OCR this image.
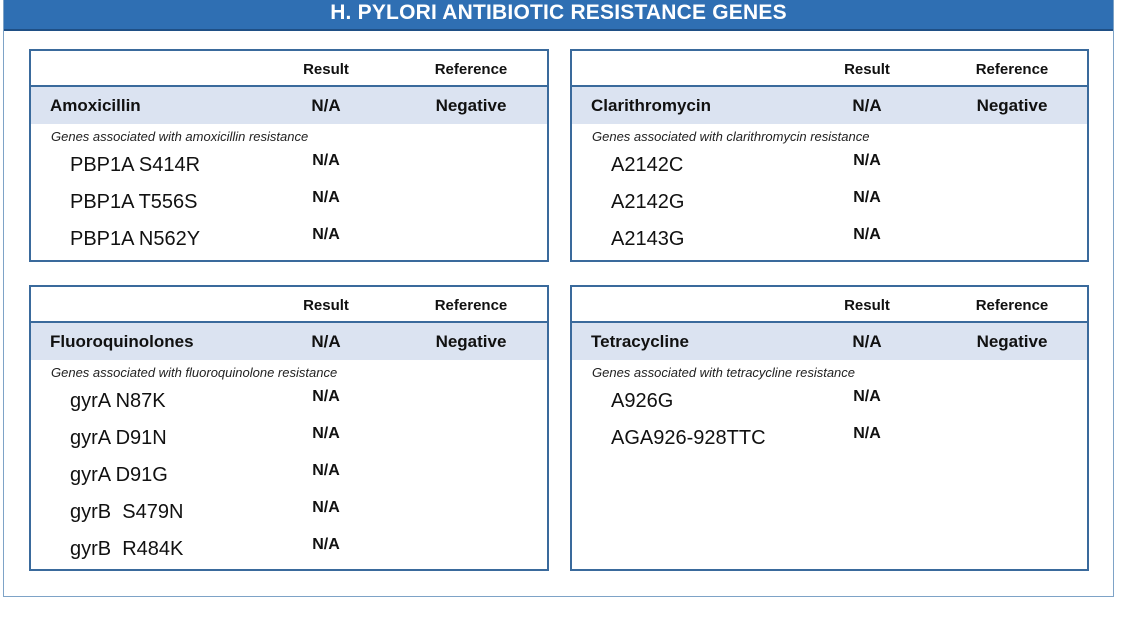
H. PYLORI ANTIBIOTIC RESISTANCE GENES
Result	Reference
Amoxicillin	N/A	Negative
Genes associated with amoxicillin resistance
PBP1A S414R	N/A
PBP1A T556S	N/A
PBP1A N562Y	N/A
Result	Reference
Clarithromycin	N/A	Negative
Genes associated with clarithromycin resistance
A2142C	N/A
A2142G	N/A
A2143G	N/A
Result	Reference
Fluoroquinolones	N/A	Negative
Genes associated with fluoroquinolone resistance
gyrA N87K	N/A
gyrA D91N	N/A
gyrA D91G	N/A
gyrB  S479N	N/A
gyrB  R484K	N/A
Result	Reference
Tetracycline	N/A	Negative
Genes associated with tetracycline resistance
A926G	N/A
AGA926-928TTC	N/A
